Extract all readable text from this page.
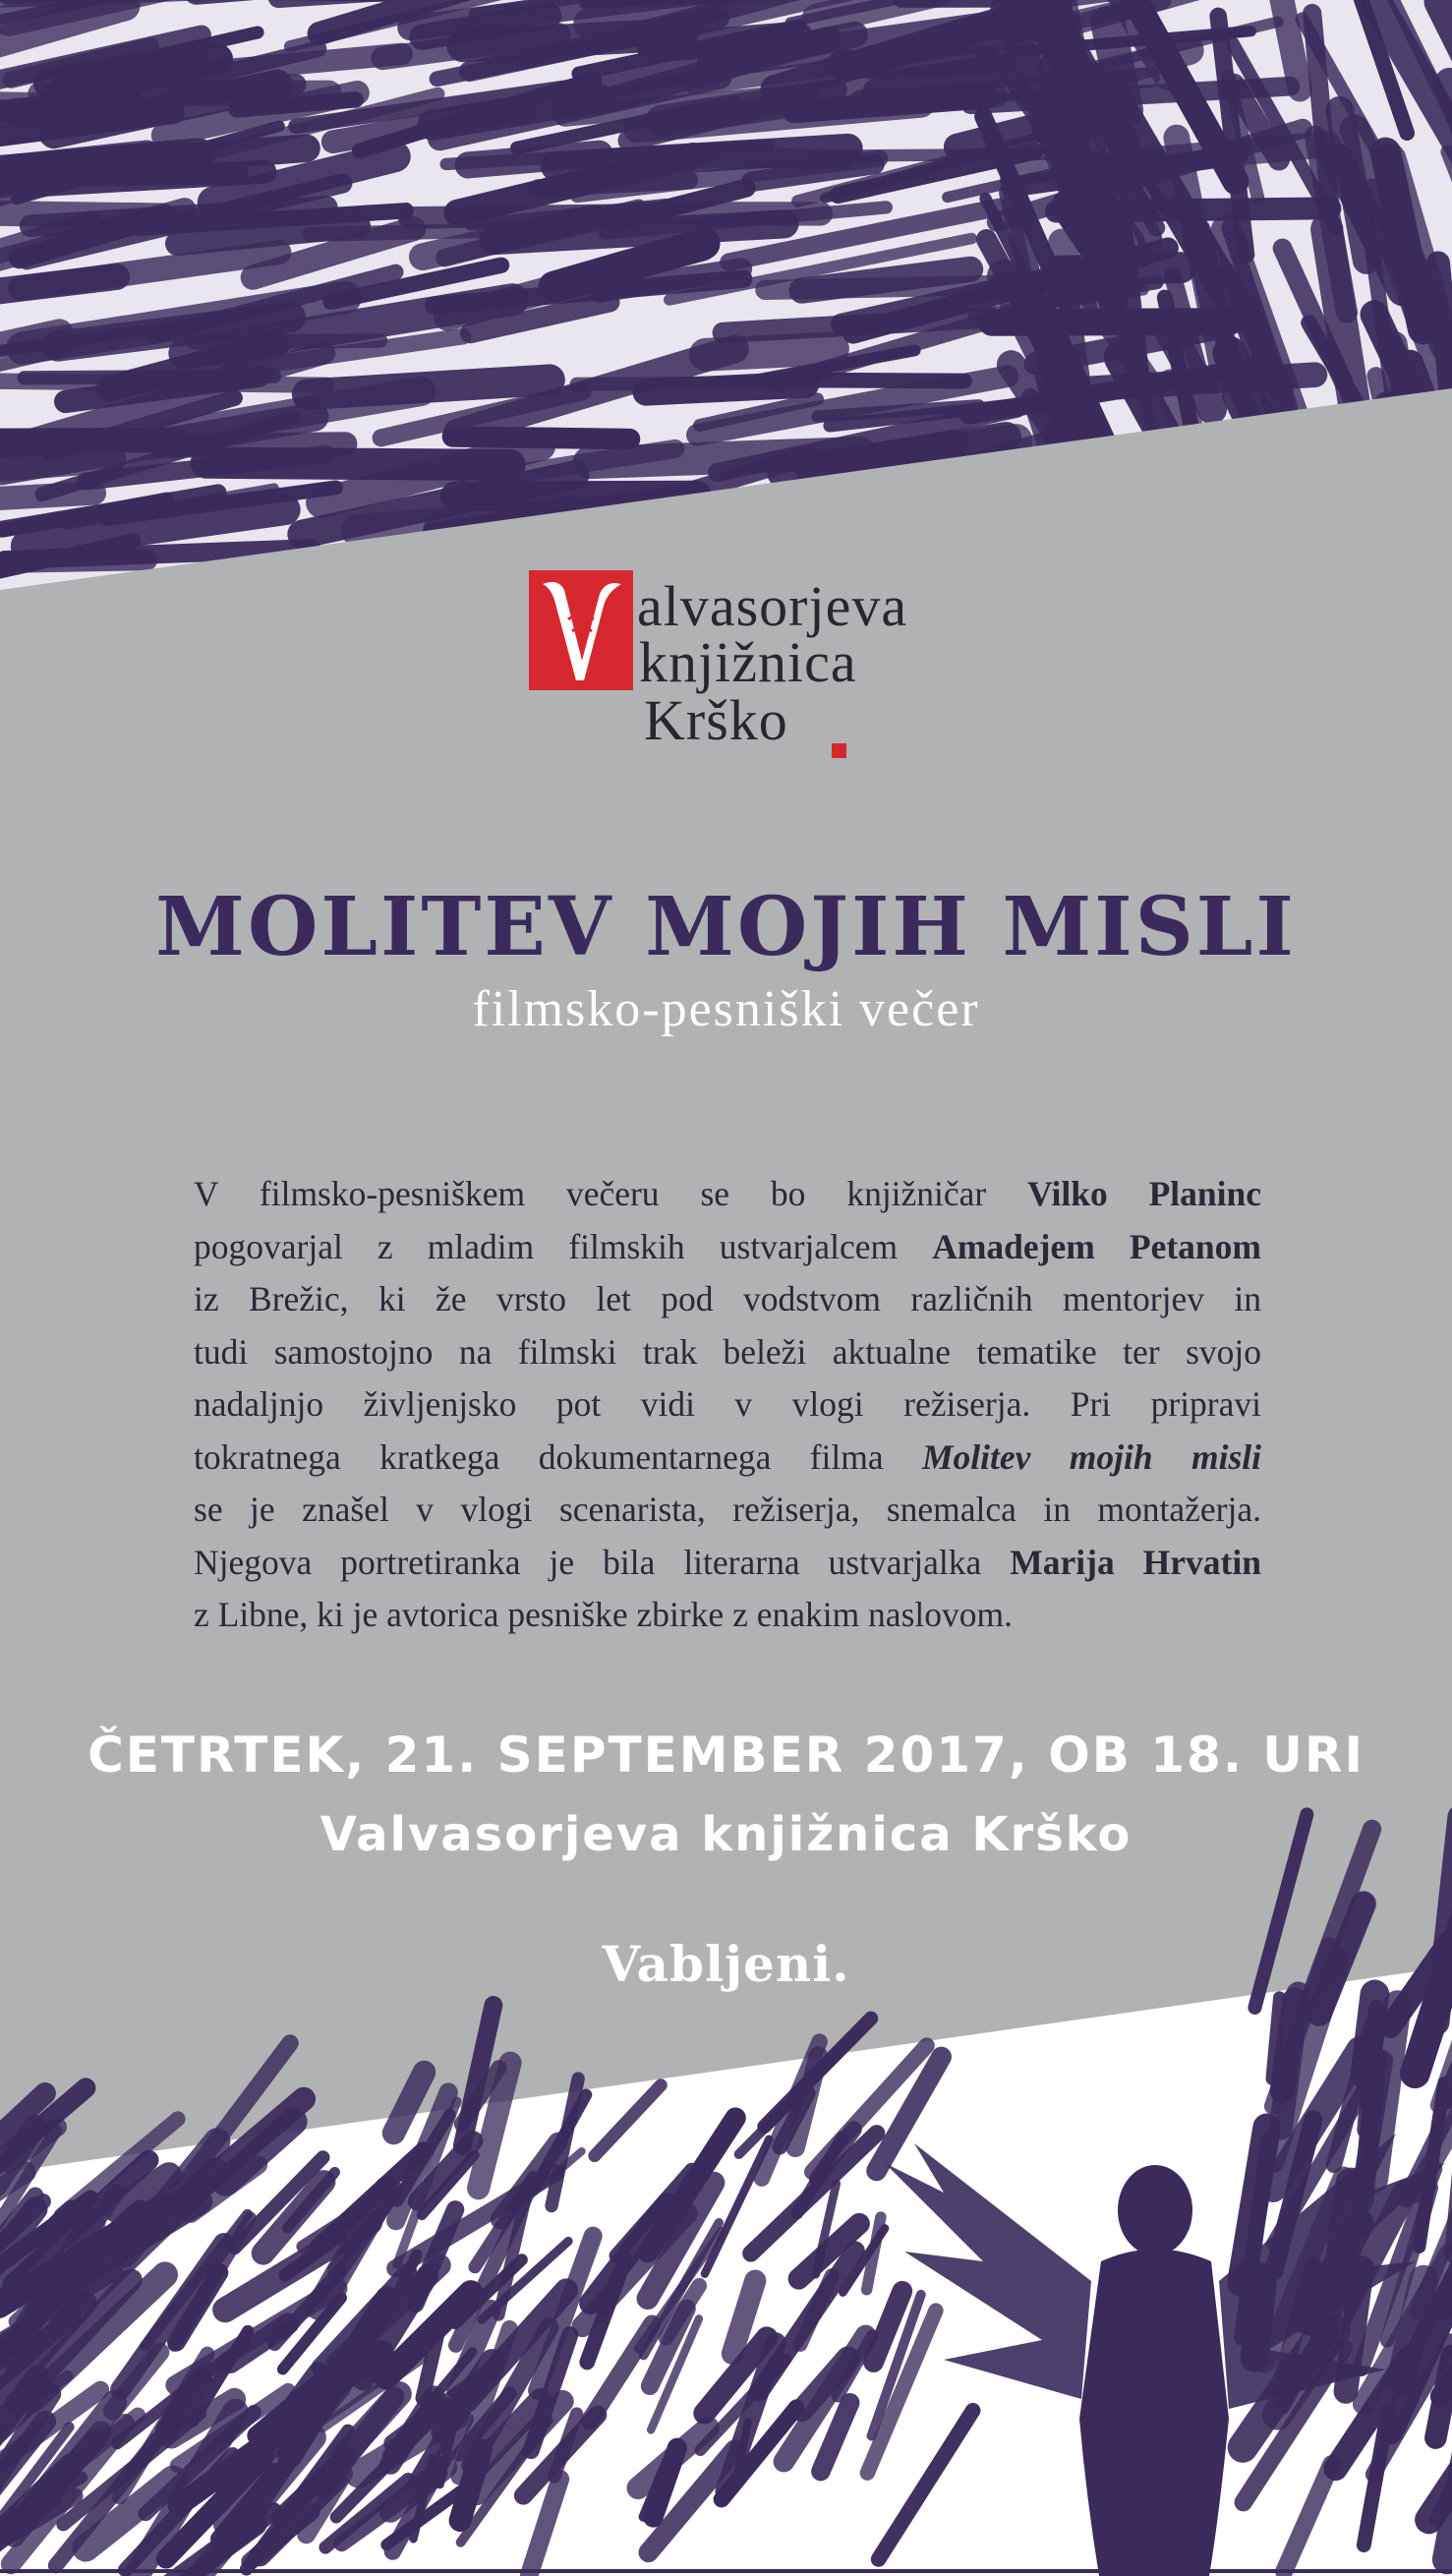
alvasorjeva
knjižnica
Krško
MOLITEV MOJIH MISLI
filmsko-pesniški večer
V filmsko-pesniškem večeru se bo knjižničar Vilko Planinc
pogovarjal z mladim filmskih ustvarjalcem Amadejem Petanom
iz Brežic, ki že vrsto let pod vodstvom različnih mentorjev in
tudi samostojno na filmski trak beleži aktualne tematike ter svojo
nadaljnjo življenjsko pot vidi v vlogi režiserja. Pri pripravi
tokratnega kratkega dokumentarnega filma Molitev mojih misli
se je znašel v vlogi scenarista, režiserja, snemalca in montažerja.
Njegova portretiranka je bila literarna ustvarjalka Marija Hrvatin
z Libne, ki je avtorica pesniške zbirke z enakim naslovom.
ČETRTEK, 21. SEPTEMBER 2017, OB 18. URI
Valvasorjeva knjižnica Krško
Vabljeni.
